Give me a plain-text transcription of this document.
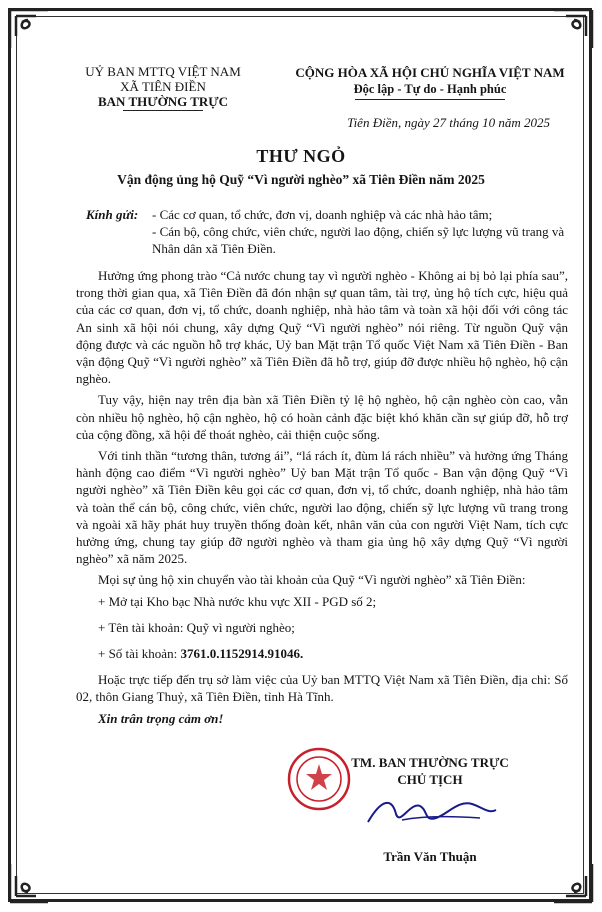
UỶ BAN MTTQ VIỆT NAM
XÃ TIÊN ĐIỀN
BAN THƯỜNG TRỰC
CỘNG HÒA XÃ HỘI CHỦ NGHĨA VIỆT NAM
Độc lập - Tự do - Hạnh phúc
Tiên Điền, ngày 27 tháng 10 năm 2025
THƯ NGỎ
Vận động ủng hộ Quỹ “Vì người nghèo” xã Tiên Điền năm 2025
Kính gửi: - Các cơ quan, tổ chức, đơn vị, doanh nghiệp và các nhà hảo tâm;
- Cán bộ, công chức, viên chức, người lao động, chiến sỹ lực lượng vũ trang và Nhân dân xã Tiên Điền.

Hưởng ứng phong trào “Cả nước chung tay vì người nghèo - Không ai bị bỏ lại phía sau”, trong thời gian qua, xã Tiên Điền đã đón nhận sự quan tâm, tài trợ, ủng hộ tích cực, hiệu quả của các cơ quan, đơn vị, tổ chức, doanh nghiệp, nhà hảo tâm và toàn xã hội đối với công tác An sinh xã hội nói chung, xây dựng Quỹ “Vì người nghèo” nói riêng. Từ nguồn Quỹ vận động được và các nguồn hỗ trợ khác, Uỷ ban Mặt trận Tổ quốc Việt Nam xã Tiên Điền - Ban vận động Quỹ “Vì người nghèo” xã Tiên Điền đã hỗ trợ, giúp đỡ được nhiều hộ nghèo, hộ cận nghèo.

Tuy vậy, hiện nay trên địa bàn xã Tiên Điền tỷ lệ hộ nghèo, hộ cận nghèo còn cao, vẫn còn nhiều hộ nghèo, hộ cận nghèo, hộ có hoàn cảnh đặc biệt khó khăn cần sự giúp đỡ, hỗ trợ của cộng đồng, xã hội để thoát nghèo, cải thiện cuộc sống.

Với tinh thần “tương thân, tương ái”, “lá rách ít, đùm lá rách nhiều” và hưởng ứng Tháng hành động cao điểm “Vì người nghèo” Uỷ ban Mặt trận Tổ quốc - Ban vận động Quỹ “Vì người nghèo” xã Tiên Điền kêu gọi các cơ quan, đơn vị, tổ chức, doanh nghiệp, nhà hảo tâm và toàn thể cán bộ, công chức, viên chức, người lao động, chiến sỹ lực lượng vũ trang trong và ngoài xã hãy phát huy truyền thống đoàn kết, nhân văn của con người Việt Nam, tích cực hưởng ứng, chung tay giúp đỡ người nghèo và tham gia ủng hộ xây dựng Quỹ “Vì người nghèo” xã năm 2025.

Mọi sự ủng hộ xin chuyển vào tài khoản của Quỹ “Vì người nghèo” xã Tiên Điền:

+ Mở tại Kho bạc Nhà nước khu vực XII - PGD số 2;

+ Tên tài khoản: Quỹ vì người nghèo;

+ Số tài khoản: 3761.0.1152914.91046.

Hoặc trực tiếp đến trụ sở làm việc của Uỷ ban MTTQ Việt Nam xã Tiên Điền, địa chỉ: Số 02, thôn Giang Thuỷ, xã Tiên Điền, tỉnh Hà Tĩnh.

Xin trân trọng cảm ơn!

TM. BAN THƯỜNG TRỰC
CHỦ TỊCH
Trần Văn Thuận
